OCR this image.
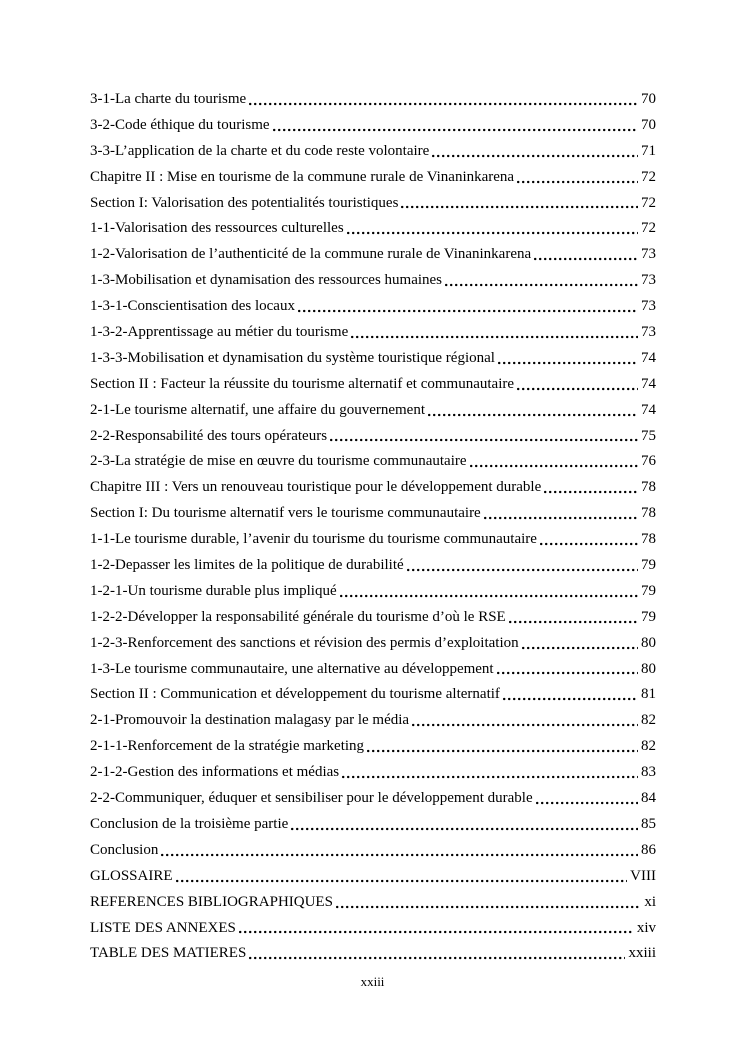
3-1-La charte du tourisme	70
3-2-Code éthique du tourisme	70
3-3-L’application de la charte et du code reste volontaire	71
Chapitre II : Mise en tourisme de la commune rurale de Vinaninkarena	72
Section I: Valorisation des potentialités touristiques	72
1-1-Valorisation des ressources culturelles	72
1-2-Valorisation de l’authenticité de la commune rurale de Vinaninkarena	73
1-3-Mobilisation et dynamisation des ressources humaines	73
1-3-1-Conscientisation des locaux	73
1-3-2-Apprentissage au métier du tourisme	73
1-3-3-Mobilisation et dynamisation du système touristique régional	74
Section II : Facteur la réussite du tourisme alternatif et communautaire	74
2-1-Le tourisme alternatif, une affaire du gouvernement	74
2-2-Responsabilité des tours opérateurs	75
2-3-La stratégie de mise en œuvre du tourisme communautaire	76
Chapitre III : Vers un renouveau touristique pour le développement durable	78
Section I: Du tourisme alternatif vers le tourisme communautaire	78
1-1-Le tourisme durable, l’avenir du tourisme du tourisme communautaire	78
1-2-Depasser les limites de la politique de durabilité	79
1-2-1-Un tourisme durable plus impliqué	79
1-2-2-Développer la responsabilité générale du tourisme d’où le RSE	79
1-2-3-Renforcement des sanctions et révision des permis d’exploitation	80
1-3-Le tourisme communautaire, une alternative au développement	80
Section II : Communication et développement du tourisme alternatif	81
2-1-Promouvoir la destination malagasy par le média	82
2-1-1-Renforcement de la stratégie marketing	82
2-1-2-Gestion des informations et médias	83
2-2-Communiquer, éduquer et sensibiliser pour le développement durable	84
Conclusion de la troisième partie	85
Conclusion	86
GLOSSAIRE	VIII
REFERENCES BIBLIOGRAPHIQUES	xi
LISTE DES ANNEXES	xiv
TABLE DES MATIERES	xxiii
xxiii
